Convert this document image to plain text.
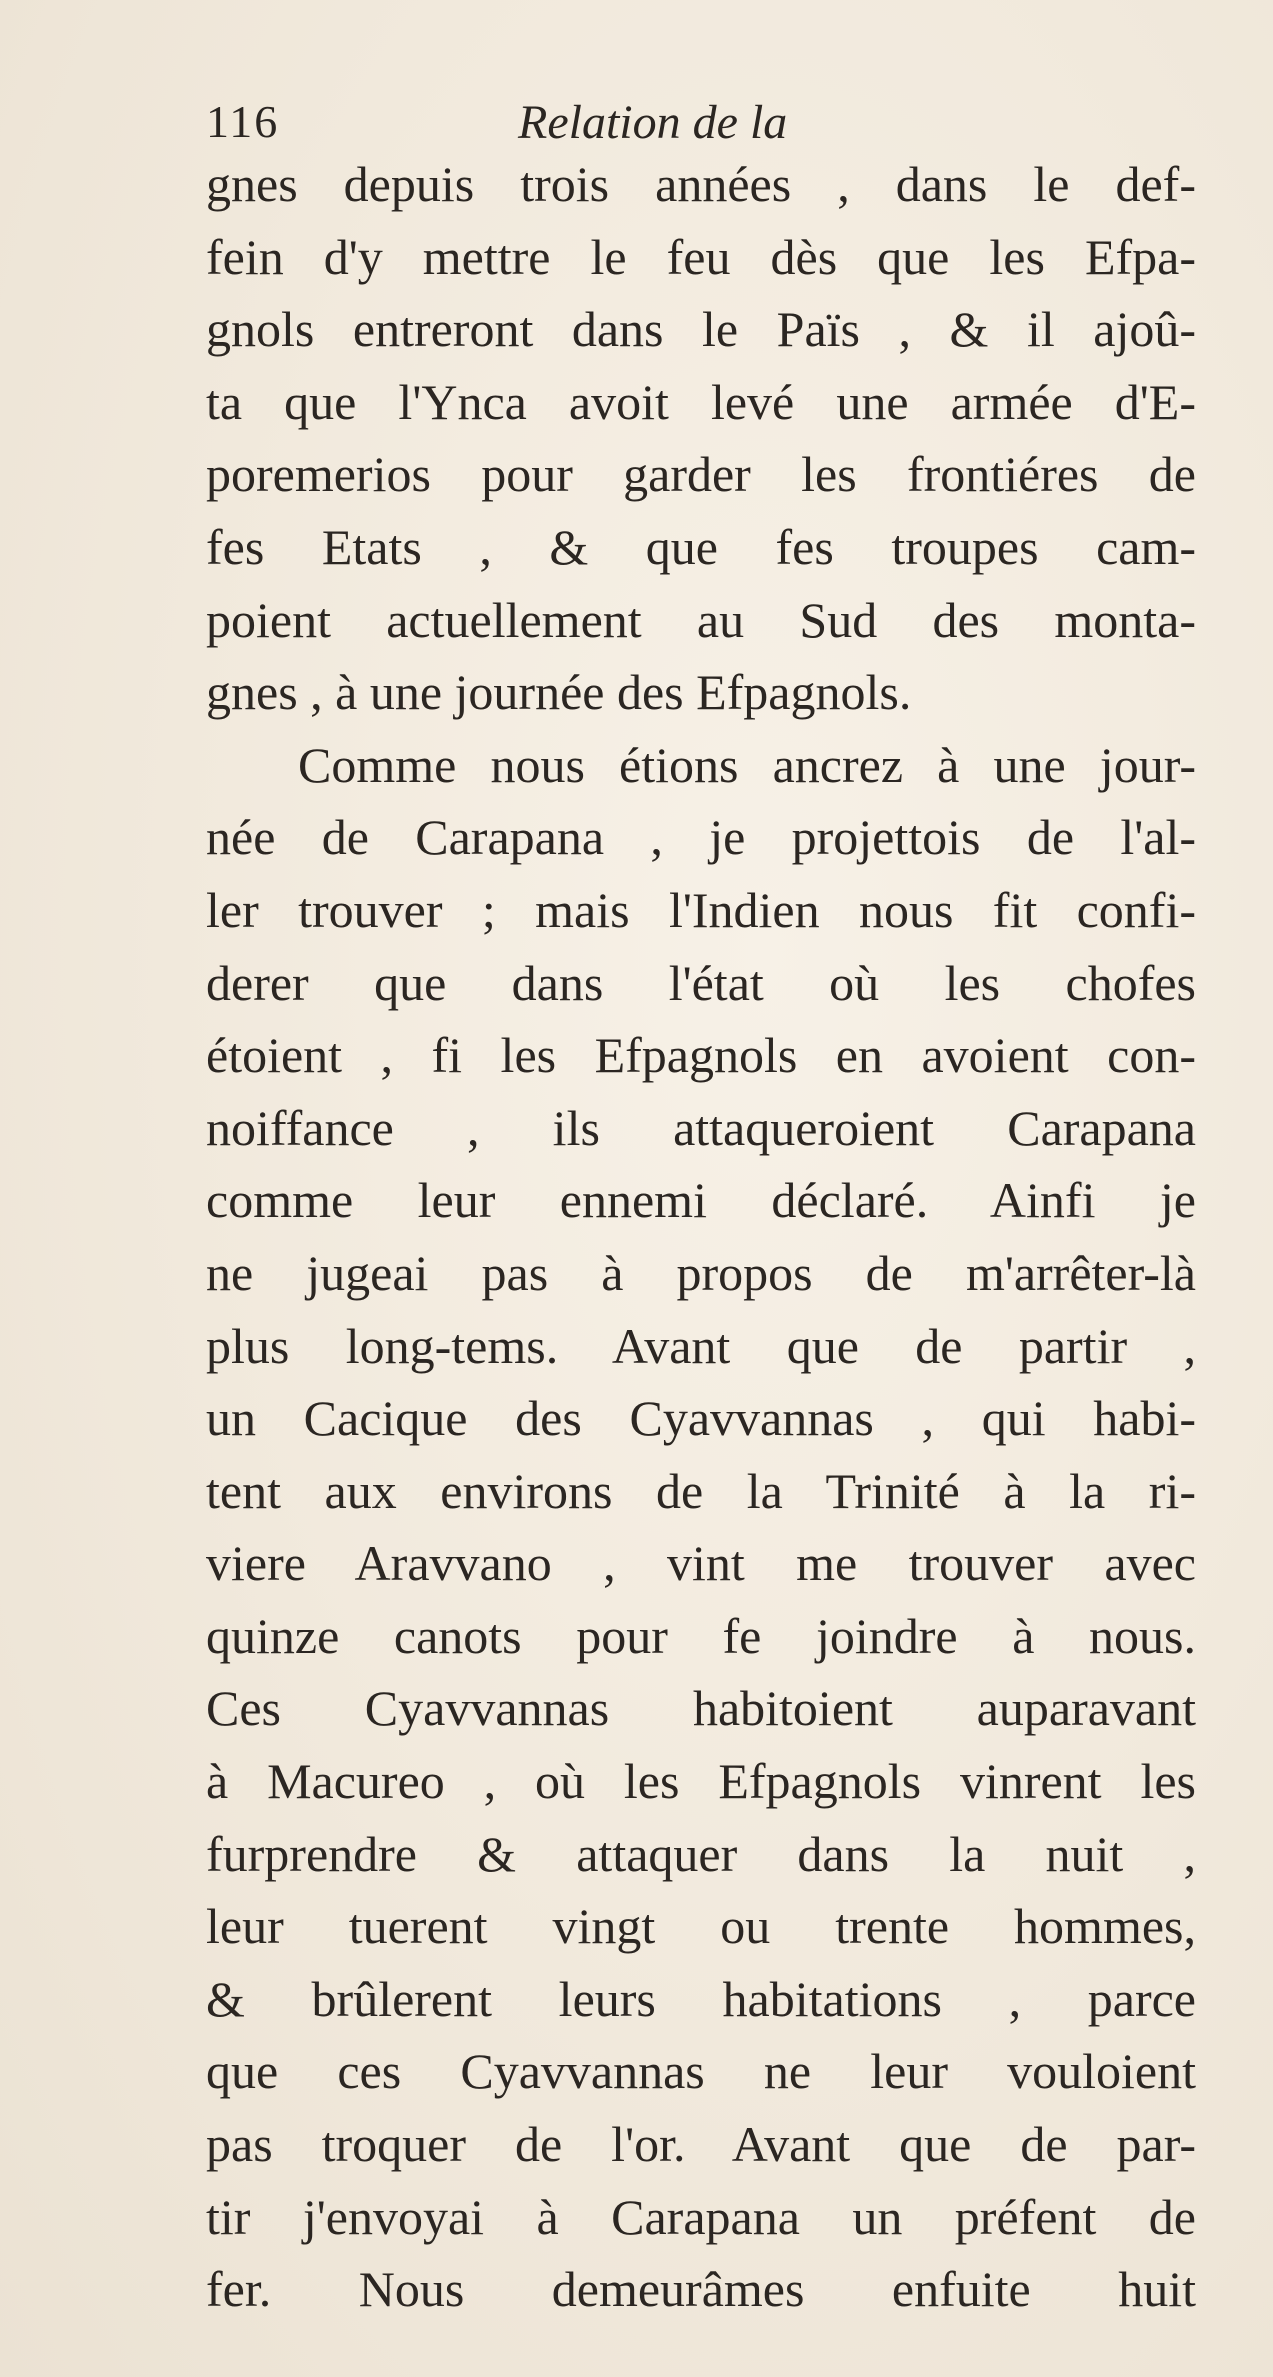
116	Relation de la
gnes depuis trois années , dans le def-
fein d'y mettre le feu dès que les Efpa-
gnols entreront dans le Païs , & il ajoû-
ta que l'Ynca avoit levé une armée d'E-
poremerios pour garder les frontiéres de
fes Etats , & que fes troupes cam-
poient actuellement au Sud des monta-
gnes , à une journée des Efpagnols.
Comme nous étions ancrez à une jour-
née de Carapana , je projettois de l'al-
ler trouver ; mais l'Indien nous fit confi-
derer que dans l'état où les chofes
étoient , fi les Efpagnols en avoient con-
noiffance , ils attaqueroient Carapana
comme leur ennemi déclaré. Ainfi je
ne jugeai pas à propos de m'arrêter-là
plus long-tems. Avant que de partir ,
un Cacique des Cyavvannas , qui habi-
tent aux environs de la Trinité à la ri-
viere Aravvano , vint me trouver avec
quinze canots pour fe joindre à nous.
Ces Cyavvannas habitoient auparavant
à Macureo , où les Efpagnols vinrent les
furprendre & attaquer dans la nuit ,
leur tuerent vingt ou trente hommes,
& brûlerent leurs habitations , parce
que ces Cyavvannas ne leur vouloient
pas troquer de l'or. Avant que de par-
tir j'envoyai à Carapana un préfent de
fer. Nous demeurâmes enfuite huit
